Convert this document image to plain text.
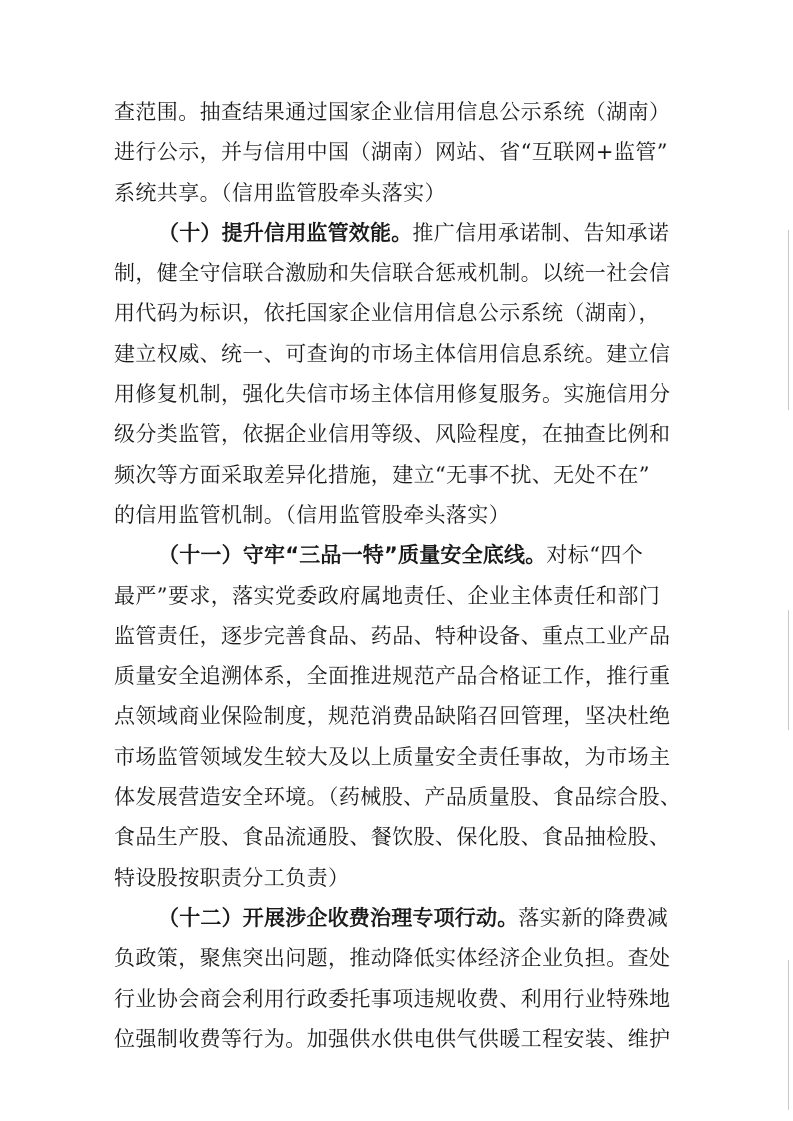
查范围。抽查结果通过国家企业信用信息公示系统（湖南）
进行公示，并与信用中国（湖南）网站、省“互联网+监管”
系统共享。（信用监管股牵头落实）
（十）提升信用监管效能。推广信用承诺制、告知承诺
制，健全守信联合激励和失信联合惩戒机制。以统一社会信
用代码为标识，依托国家企业信用信息公示系统（湖南），
建立权威、统一、可查询的市场主体信用信息系统。建立信
用修复机制，强化失信市场主体信用修复服务。实施信用分
级分类监管，依据企业信用等级、风险程度，在抽查比例和
频次等方面采取差异化措施，建立“无事不扰、无处不在”
的信用监管机制。（信用监管股牵头落实）
（十一）守牢“三品一特”质量安全底线。对标“四个
最严”要求，落实党委政府属地责任、企业主体责任和部门
监管责任，逐步完善食品、药品、特种设备、重点工业产品
质量安全追溯体系，全面推进规范产品合格证工作，推行重
点领域商业保险制度，规范消费品缺陷召回管理，坚决杜绝
市场监管领域发生较大及以上质量安全责任事故，为市场主
体发展营造安全环境。（药械股、产品质量股、食品综合股、
食品生产股、食品流通股、餐饮股、保化股、食品抽检股、
特设股按职责分工负责）
（十二）开展涉企收费治理专项行动。落实新的降费减
负政策，聚焦突出问题，推动降低实体经济企业负担。查处
行业协会商会利用行政委托事项违规收费、利用行业特殊地
位强制收费等行为。加强供水供电供气供暖工程安装、维护
